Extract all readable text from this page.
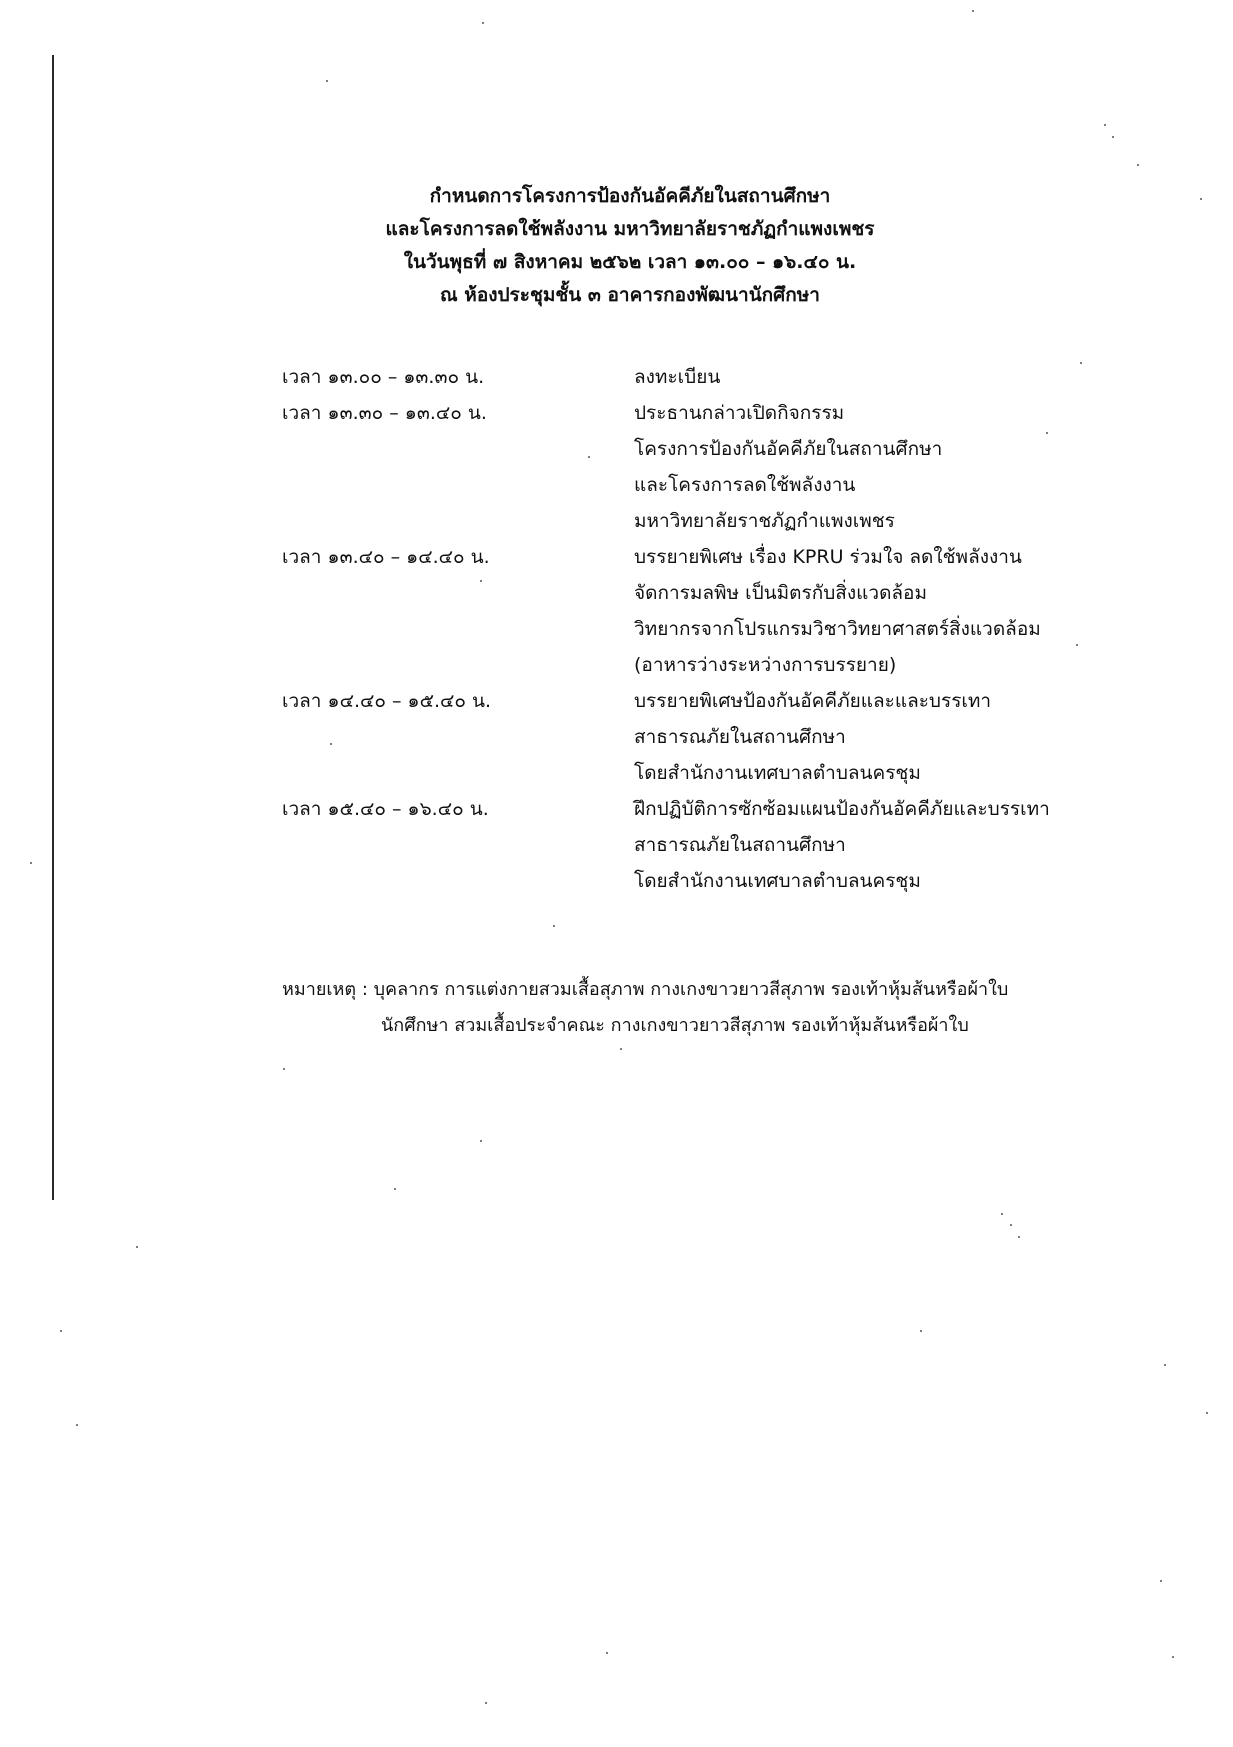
กำหนดการโครงการป้องกันอัคคีภัยในสถานศึกษา
และโครงการลดใช้พลังงาน มหาวิทยาลัยราชภัฏกำแพงเพชร
ในวันพุธที่ ๗ สิงหาคม ๒๕๖๒ เวลา ๑๓.๐๐ – ๑๖.๔๐ น.
ณ ห้องประชุมชั้น ๓ อาคารกองพัฒนานักศึกษา
เวลา ๑๓.๐๐ – ๑๓.๓๐ น.	ลงทะเบียน
เวลา ๑๓.๓๐ – ๑๓.๔๐ น.	ประธานกล่าวเปิดกิจกรรม
โครงการป้องกันอัคคีภัยในสถานศึกษา
และโครงการลดใช้พลังงาน
มหาวิทยาลัยราชภัฏกำแพงเพชร
เวลา ๑๓.๔๐ – ๑๔.๔๐ น.	บรรยายพิเศษ เรื่อง KPRU ร่วมใจ ลดใช้พลังงาน
จัดการมลพิษ เป็นมิตรกับสิ่งแวดล้อม
วิทยากรจากโปรแกรมวิชาวิทยาศาสตร์สิ่งแวดล้อม
(อาหารว่างระหว่างการบรรยาย)
เวลา ๑๔.๔๐ – ๑๕.๔๐ น.	บรรยายพิเศษป้องกันอัคคีภัยและและบรรเทา
สาธารณภัยในสถานศึกษา
โดยสำนักงานเทศบาลตำบลนครชุม
เวลา ๑๕.๔๐ – ๑๖.๔๐ น.	ฝึกปฏิบัติการซักซ้อมแผนป้องกันอัคคีภัยและบรรเทา
สาธารณภัยในสถานศึกษา
โดยสำนักงานเทศบาลตำบลนครชุม
หมายเหตุ : บุคลากร การแต่งกายสวมเสื้อสุภาพ กางเกงขาวยาวสีสุภาพ รองเท้าหุ้มส้นหรือผ้าใบ
นักศึกษา สวมเสื้อประจำคณะ กางเกงขาวยาวสีสุภาพ รองเท้าหุ้มส้นหรือผ้าใบ
